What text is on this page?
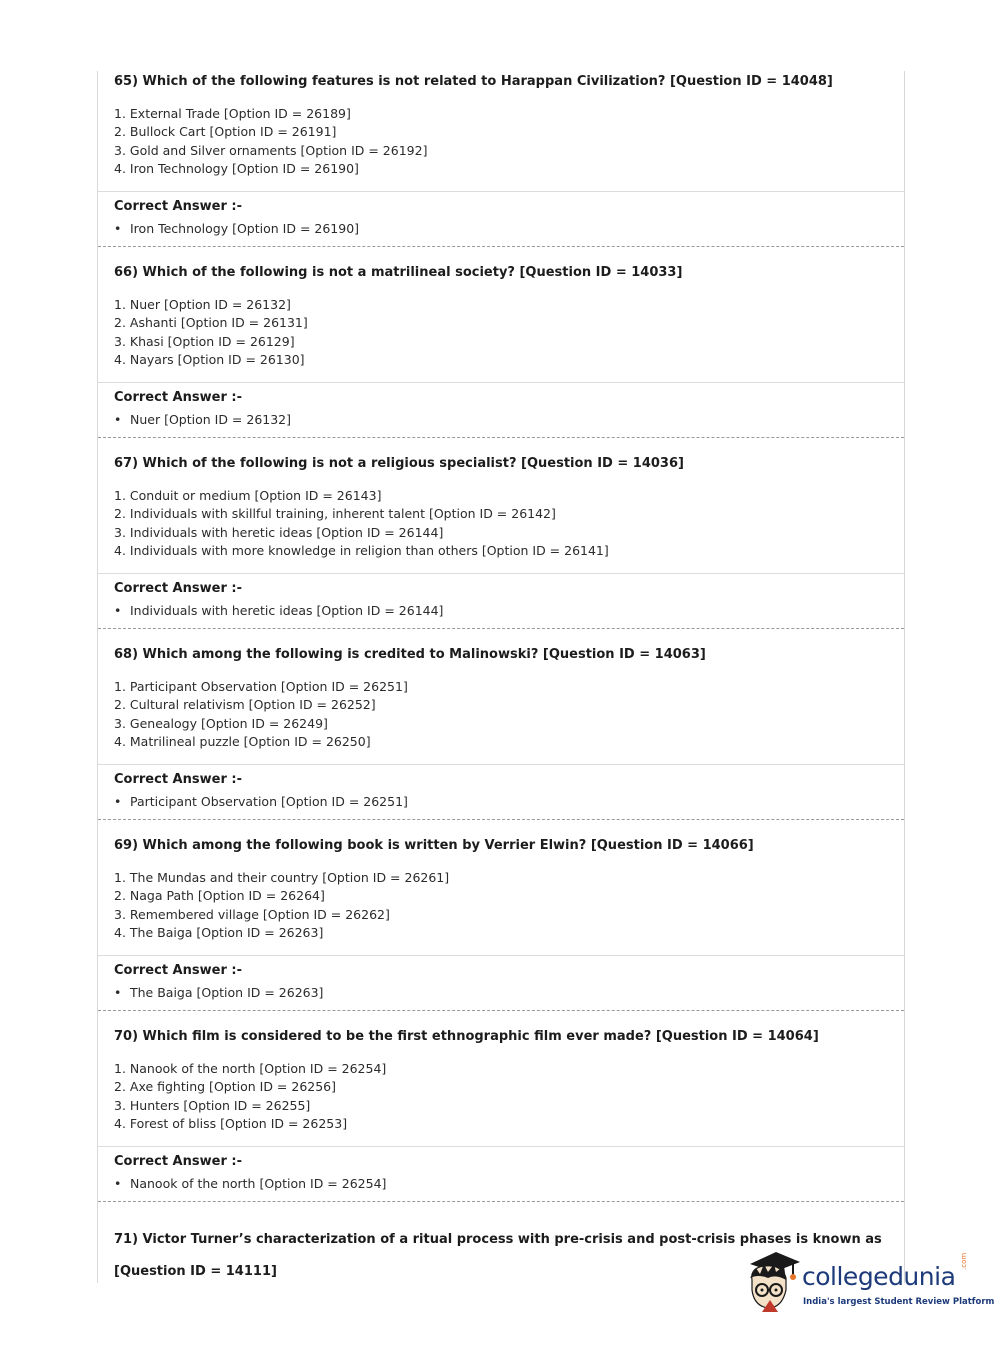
65) Which of the following features is not related to Harappan Civilization? [Question ID = 14048]

1. External Trade [Option ID = 26189]
2. Bullock Cart [Option ID = 26191]
3. Gold and Silver ornaments [Option ID = 26192]
4. Iron Technology [Option ID = 26190]
Correct Answer :-
• Iron Technology [Option ID = 26190]

66) Which of the following is not a matrilineal society? [Question ID = 14033]

1. Nuer [Option ID = 26132]
2. Ashanti [Option ID = 26131]
3. Khasi [Option ID = 26129]
4. Nayars [Option ID = 26130]
Correct Answer :-
• Nuer [Option ID = 26132]

67) Which of the following is not a religious specialist? [Question ID = 14036]

1. Conduit or medium [Option ID = 26143]
2. Individuals with skillful training, inherent talent [Option ID = 26142]
3. Individuals with heretic ideas [Option ID = 26144]
4. Individuals with more knowledge in religion than others [Option ID = 26141]
Correct Answer :-
• Individuals with heretic ideas [Option ID = 26144]

68) Which among the following is credited to Malinowski? [Question ID = 14063]

1. Participant Observation [Option ID = 26251]
2. Cultural relativism [Option ID = 26252]
3. Genealogy [Option ID = 26249]
4. Matrilineal puzzle [Option ID = 26250]
Correct Answer :-
• Participant Observation [Option ID = 26251]

69) Which among the following book is written by Verrier Elwin? [Question ID = 14066]

1. The Mundas and their country [Option ID = 26261]
2. Naga Path [Option ID = 26264]
3. Remembered village [Option ID = 26262]
4. The Baiga [Option ID = 26263]
Correct Answer :-
• The Baiga [Option ID = 26263]

70) Which film is considered to be the first ethnographic film ever made? [Question ID = 14064]

1. Nanook of the north [Option ID = 26254]
2. Axe fighting [Option ID = 26256]
3. Hunters [Option ID = 26255]
4. Forest of bliss [Option ID = 26253]
Correct Answer :-
• Nanook of the north [Option ID = 26254]

71) Victor Turner’s characterization of a ritual process with pre-crisis and post-crisis phases is known as

[Question ID = 14111]	collegedunia
.com
India's largest Student Review Platform
